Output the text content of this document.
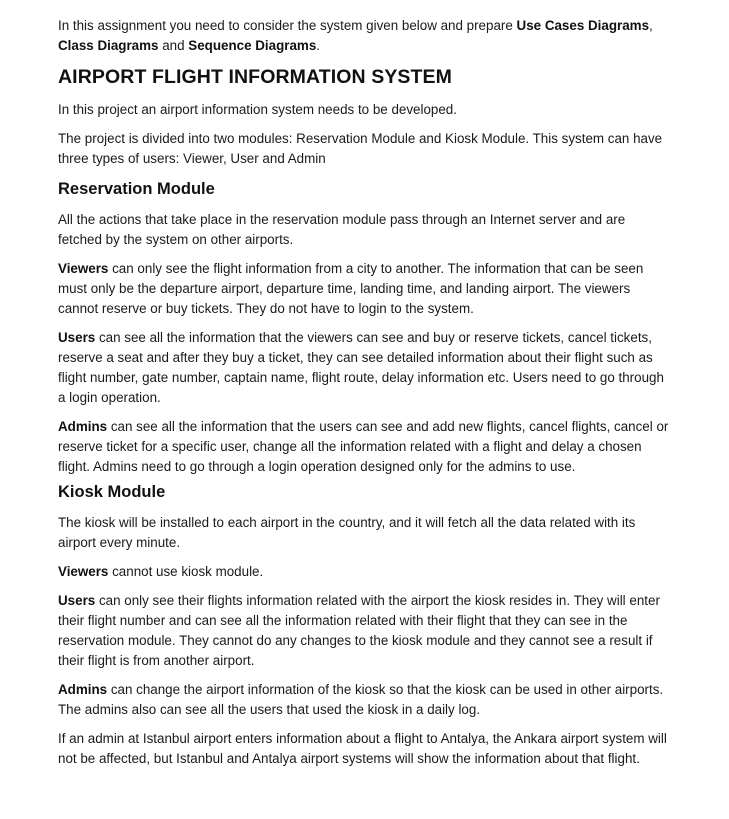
In this assignment you need to consider the system given below and prepare Use Cases Diagrams, Class Diagrams and Sequence Diagrams.

AIRPORT FLIGHT INFORMATION SYSTEM

In this project an airport information system needs to be developed.

The project is divided into two modules: Reservation Module and Kiosk Module. This system can have three types of users: Viewer, User and Admin

Reservation Module

All the actions that take place in the reservation module pass through an Internet server and are fetched by the system on other airports.

Viewers can only see the flight information from a city to another. The information that can be seen must only be the departure airport, departure time, landing time, and landing airport. The viewers cannot reserve or buy tickets. They do not have to login to the system.

Users can see all the information that the viewers can see and buy or reserve tickets, cancel tickets, reserve a seat and after they buy a ticket, they can see detailed information about their flight such as flight number, gate number, captain name, flight route, delay information etc. Users need to go through a login operation.

Admins can see all the information that the users can see and add new flights, cancel flights, cancel or reserve ticket for a specific user, change all the information related with a flight and delay a chosen flight. Admins need to go through a login operation designed only for the admins to use.

Kiosk Module

The kiosk will be installed to each airport in the country, and it will fetch all the data related with its airport every minute.

Viewers cannot use kiosk module.

Users can only see their flights information related with the airport the kiosk resides in. They will enter their flight number and can see all the information related with their flight that they can see in the reservation module. They cannot do any changes to the kiosk module and they cannot see a result if their flight is from another airport.

Admins can change the airport information of the kiosk so that the kiosk can be used in other airports. The admins also can see all the users that used the kiosk in a daily log.

If an admin at Istanbul airport enters information about a flight to Antalya, the Ankara airport system will not be affected, but Istanbul and Antalya airport systems will show the information about that flight.
